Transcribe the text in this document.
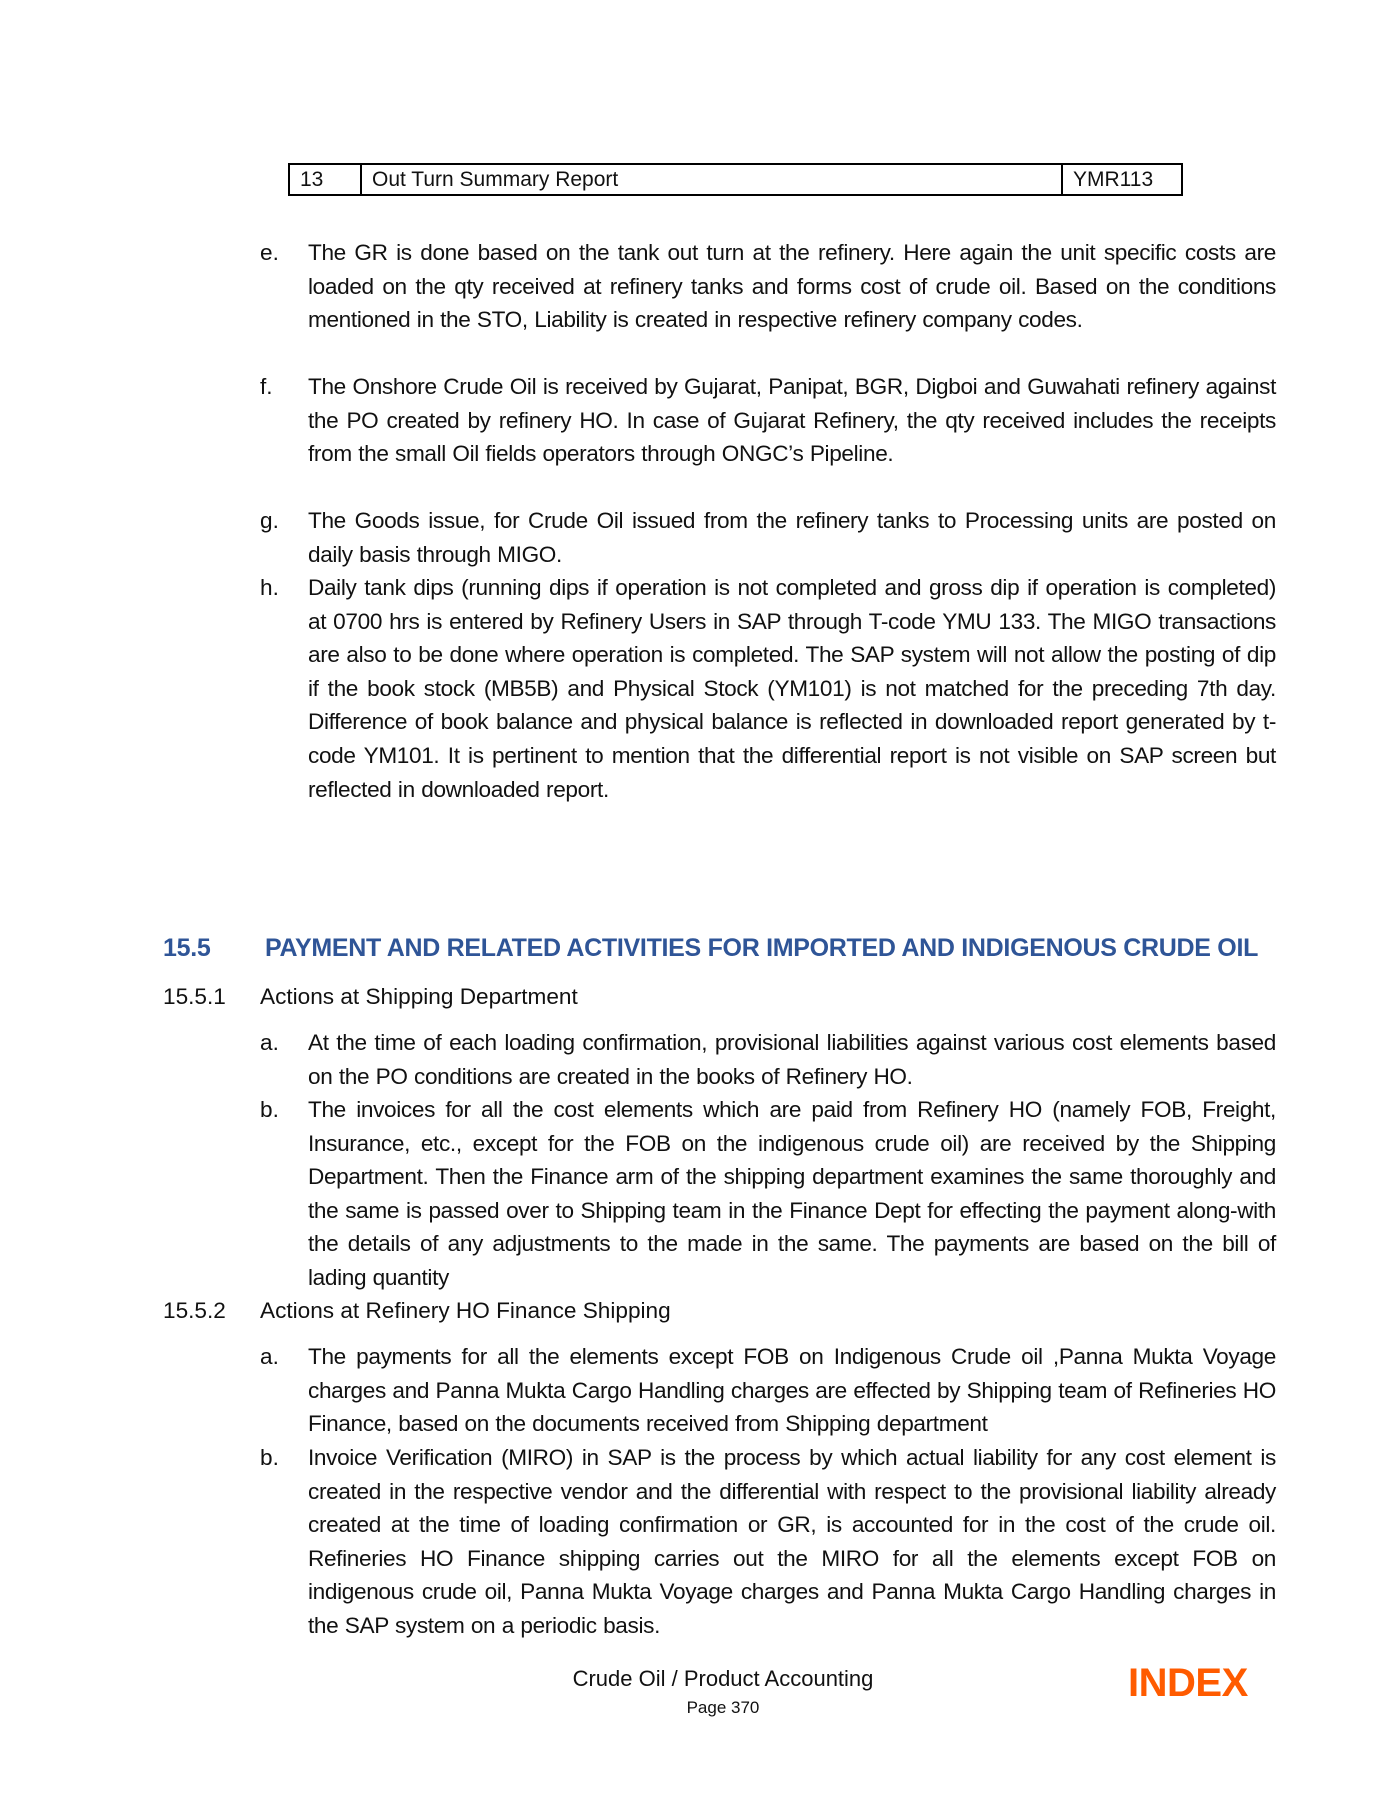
13	Out Turn Summary Report	YMR113
e. The GR is done based on the tank out turn at the refinery. Here again the unit specific costs are loaded on the qty received at refinery tanks and forms cost of crude oil. Based on the conditions mentioned in the STO, Liability is created in respective refinery company codes.
f. The Onshore Crude Oil is received by Gujarat, Panipat, BGR, Digboi and Guwahati refinery against the PO created by refinery HO. In case of Gujarat Refinery, the qty received includes the receipts from the small Oil fields operators through ONGC’s Pipeline.
g. The Goods issue, for Crude Oil issued from the refinery tanks to Processing units are posted on daily basis through MIGO.
h. Daily tank dips (running dips if operation is not completed and gross dip if operation is completed) at 0700 hrs is entered by Refinery Users in SAP through T-code YMU 133. The MIGO transactions are also to be done where operation is completed. The SAP system will not allow the posting of dip if the book stock (MB5B) and Physical Stock (YM101) is not matched for the preceding 7th day. Difference of book balance and physical balance is reflected in downloaded report generated by t-code YM101. It is pertinent to mention that the differential report is not visible on SAP screen but reflected in downloaded report.
15.5 PAYMENT AND RELATED ACTIVITIES FOR IMPORTED AND INDIGENOUS CRUDE OIL
15.5.1 Actions at Shipping Department
a. At the time of each loading confirmation, provisional liabilities against various cost elements based on the PO conditions are created in the books of Refinery HO.
b. The invoices for all the cost elements which are paid from Refinery HO (namely FOB, Freight, Insurance, etc., except for the FOB on the indigenous crude oil) are received by the Shipping Department. Then the Finance arm of the shipping department examines the same thoroughly and the same is passed over to Shipping team in the Finance Dept for effecting the payment along-with the details of any adjustments to the made in the same. The payments are based on the bill of lading quantity
15.5.2 Actions at Refinery HO Finance Shipping
a. The payments for all the elements except FOB on Indigenous Crude oil ,Panna Mukta Voyage charges and Panna Mukta Cargo Handling charges are effected by Shipping team of Refineries HO Finance, based on the documents received from Shipping department
b. Invoice Verification (MIRO) in SAP is the process by which actual liability for any cost element is created in the respective vendor and the differential with respect to the provisional liability already created at the time of loading confirmation or GR, is accounted for in the cost of the crude oil. Refineries HO Finance shipping carries out the MIRO for all the elements except FOB on indigenous crude oil, Panna Mukta Voyage charges and Panna Mukta Cargo Handling charges in the SAP system on a periodic basis.
Crude Oil / Product Accounting
Page 370
INDEX
